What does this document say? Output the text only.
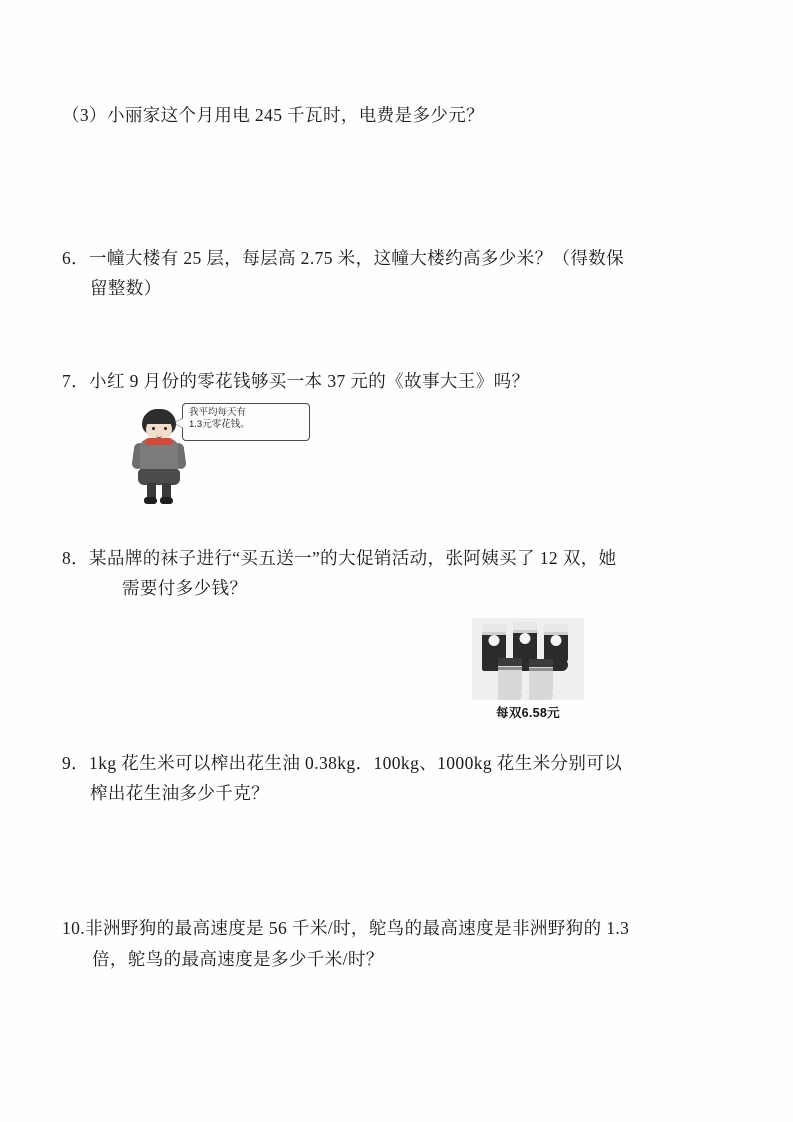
（3）小丽家这个月用电 245 千瓦时，电费是多少元？
6．一幢大楼有 25 层，每层高 2.75 米，这幢大楼约高多少米？（得数保
留整数）
7．小红 9 月份的零花钱够买一本 37 元的《故事大王》吗？
我平均每天有
1.3元零花钱。
8．某品牌的袜子进行“买五送一”的大促销活动，张阿姨买了 12 双，她
需要付多少钱？
每双6.58元
9．1kg 花生米可以榨出花生油 0.38kg．100kg、1000kg 花生米分别可以
榨出花生油多少千克？
10.非洲野狗的最高速度是 56 千米/时，鸵鸟的最高速度是非洲野狗的 1.3
倍，鸵鸟的最高速度是多少千米/时？
